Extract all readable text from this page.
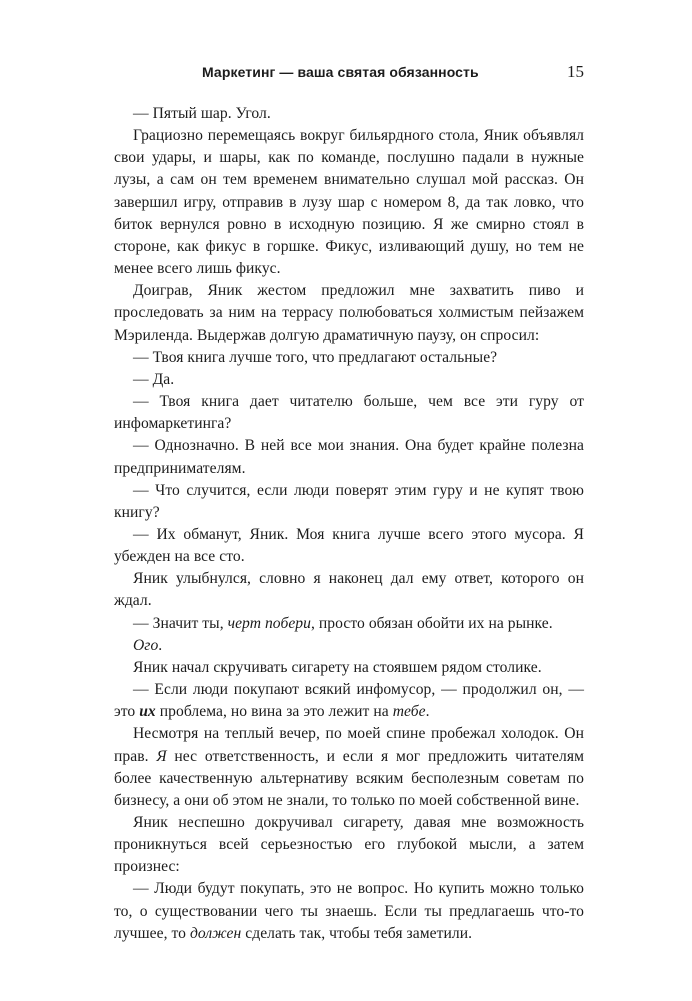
Маркетинг — ваша святая обязанность	15

— Пятый шар. Угол.

Грациозно перемещаясь вокруг бильярдного стола, Яник объявлял свои удары, и шары, как по команде, послушно падали в нужные лузы, а сам он тем временем внимательно слушал мой рассказ. Он завершил игру, отправив в лузу шар с номером 8, да так ловко, что биток вернулся ровно в исходную позицию. Я же смирно стоял в стороне, как фикус в горшке. Фикус, изливающий душу, но тем не менее всего лишь фикус.

Доиграв, Яник жестом предложил мне захватить пиво и проследовать за ним на террасу полюбоваться холмистым пейзажем Мэриленда. Выдержав долгую драматичную паузу, он спросил:

— Твоя книга лучше того, что предлагают остальные?

— Да.

— Твоя книга дает читателю больше, чем все эти гуру от инфомаркетинга?

— Однозначно. В ней все мои знания. Она будет крайне полезна предпринимателям.

— Что случится, если люди поверят этим гуру и не купят твою книгу?

— Их обманут, Яник. Моя книга лучше всего этого мусора. Я убежден на все сто.

Яник улыбнулся, словно я наконец дал ему ответ, которого он ждал.

— Значит ты, черт побери, просто обязан обойти их на рынке.

Ого.

Яник начал скручивать сигарету на стоявшем рядом столике.

— Если люди покупают всякий инфомусор, — продолжил он, — это их проблема, но вина за это лежит на тебе.

Несмотря на теплый вечер, по моей спине пробежал холодок. Он прав. Я нес ответственность, и если я мог предложить читателям более качественную альтернативу всяким бесполезным советам по бизнесу, а они об этом не знали, то только по моей собственной вине.

Яник неспешно докручивал сигарету, давая мне возможность проникнуться всей серьезностью его глубокой мысли, а затем произнес:

— Люди будут покупать, это не вопрос. Но купить можно только то, о существовании чего ты знаешь. Если ты предлагаешь что-то лучшее, то должен сделать так, чтобы тебя заметили.
